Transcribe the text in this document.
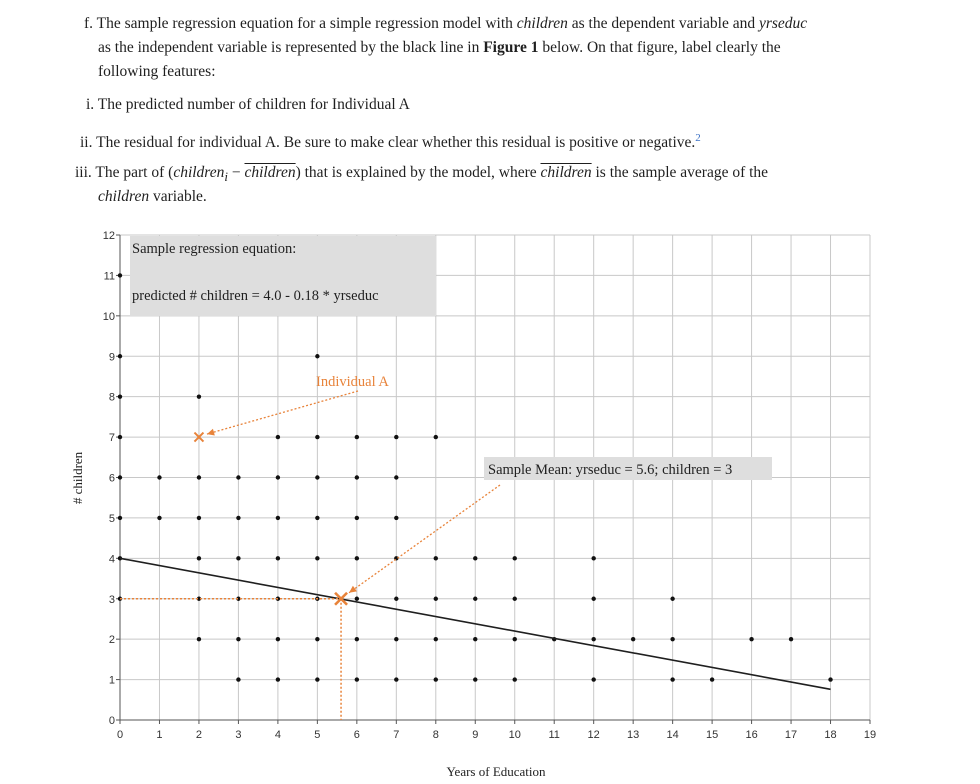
f. The sample regression equation for a simple regression model with children as the dependent variable and yrseduc

as the independent variable is represented by the black line in Figure 1 below. On that figure, label clearly the

following features:

i. The predicted number of children for Individual A

ii. The residual for individual A. Be sure to make clear whether this residual is positive or negative.$^2$

iii. The part of (children$_i$ − children) that is explained by the model, where children is the sample average of the

children variable.

Sample regression equation:
predicted # children = 4.0 - 0.18 * yrseduc
Sample Mean: yrseduc = 5.6; children = 3
0	1	2	3	4	5	6	7	8	9	10	11	12 13 14 15 16 17 18 19
0
1
2
3
4
5
6
7
8
9
10
11
12
Individual A
Years of Education
# children
